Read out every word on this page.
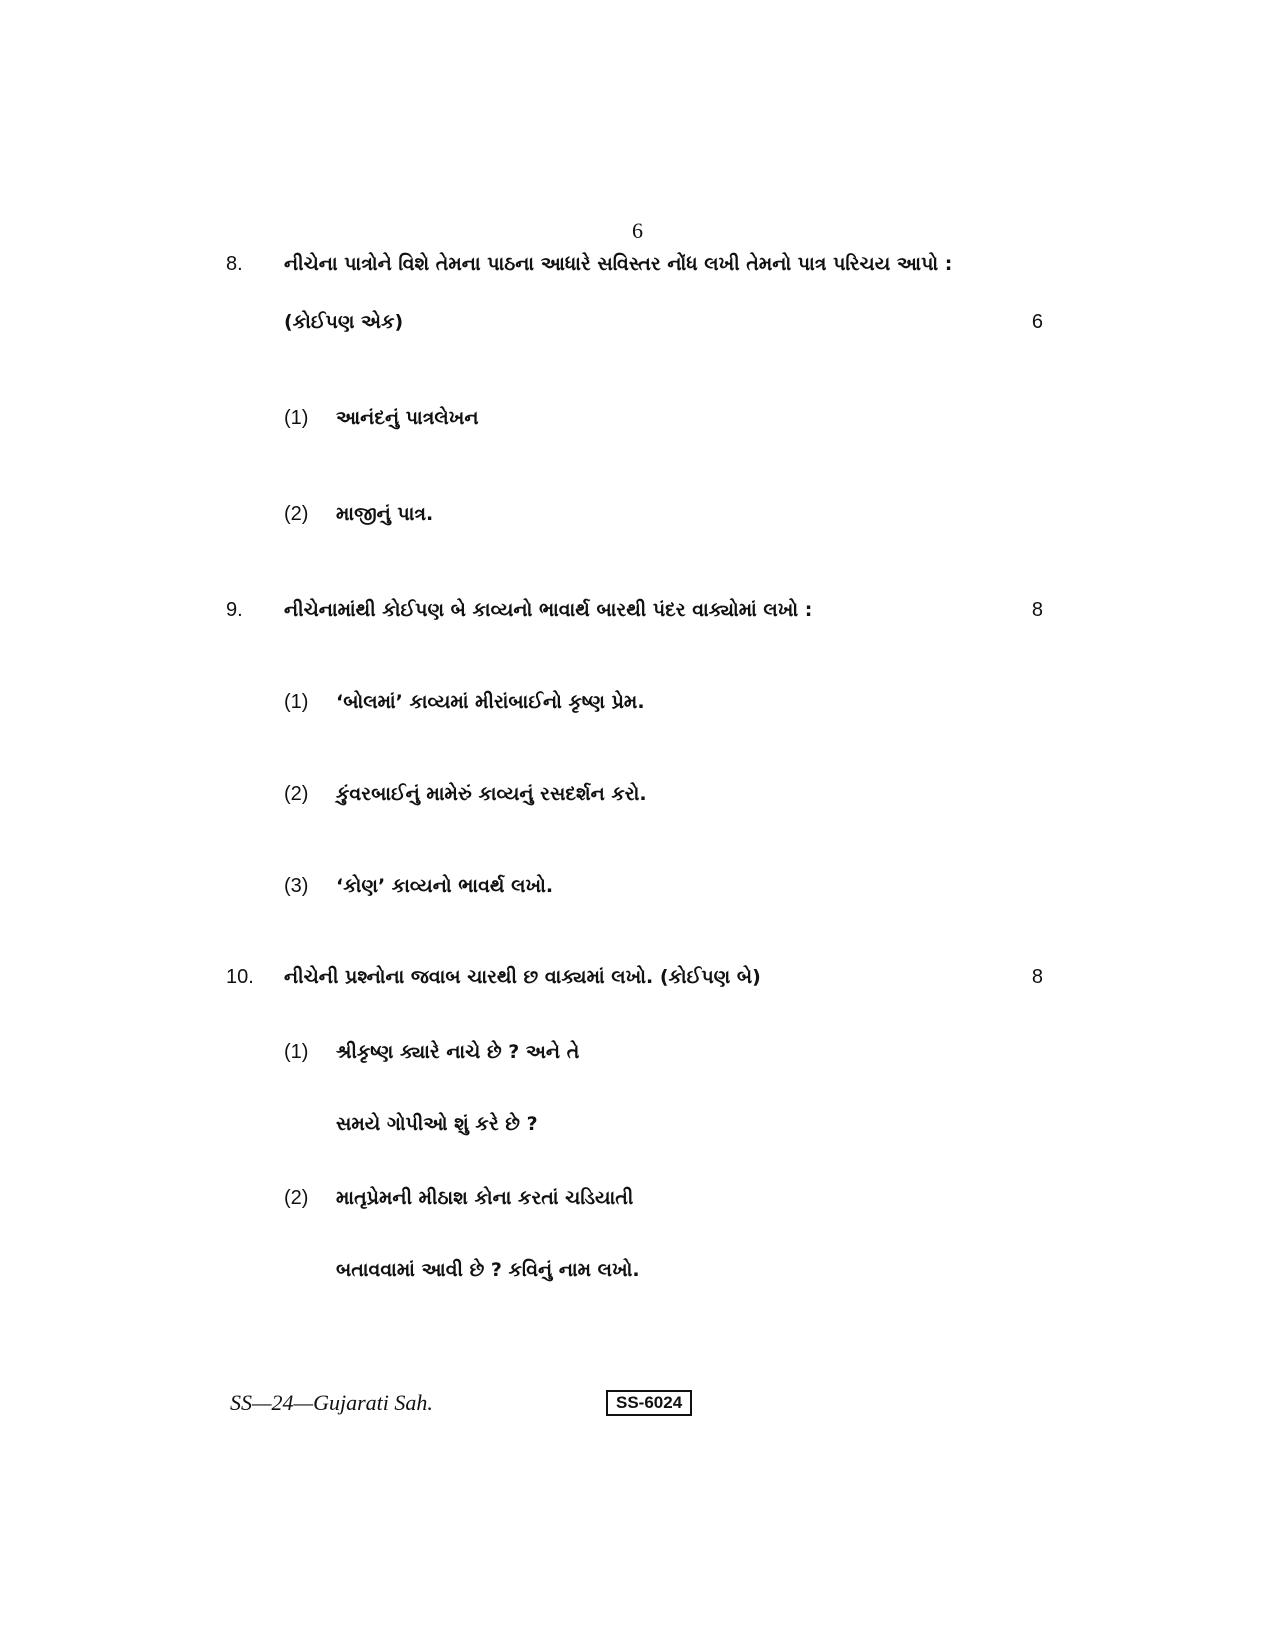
6
8. નીચેના પાત્રોને વિશે તેમના પાઠના આધારે સવિસ્તર નોંધ લખી તેમનો પાત્ર પરિચય આપો :
(કોઈપણ એક)	6
(1) આનંદનું પાત્રલેખન
(2) માજીનું પાત્ર.
9. નીચેનામાંથી કોઈપણ બે કાવ્યનો ભાવાર્થ બારથી પંદર વાક્યોમાં લખો :	8
(1) ‘બોલમાં’ કાવ્યમાં મીરાંબાઈનો કૃષ્ણ પ્રેમ.
(2) કુંવરબાઈનું મામેરું કાવ્યનું રસદર્શન કરો.
(3) ‘કોણ’ કાવ્યનો ભાવર્થ લખો.
10. નીચેની પ્રશ્નોના જવાબ ચારથી છ વાક્યમાં લખો. (કોઈપણ બે)	8
(1) શ્રીકૃષ્ણ ક્યારે નાચે છે ? અને તે
સમયે ગોપીઓ શું કરે છે ?
(2) માતૃપ્રેમની મીઠાશ કોના કરતાં ચડિયાતી
બતાવવામાં આવી છે ? કવિનું નામ લખો.
SS—24—Gujarati Sah.	SS-6024
